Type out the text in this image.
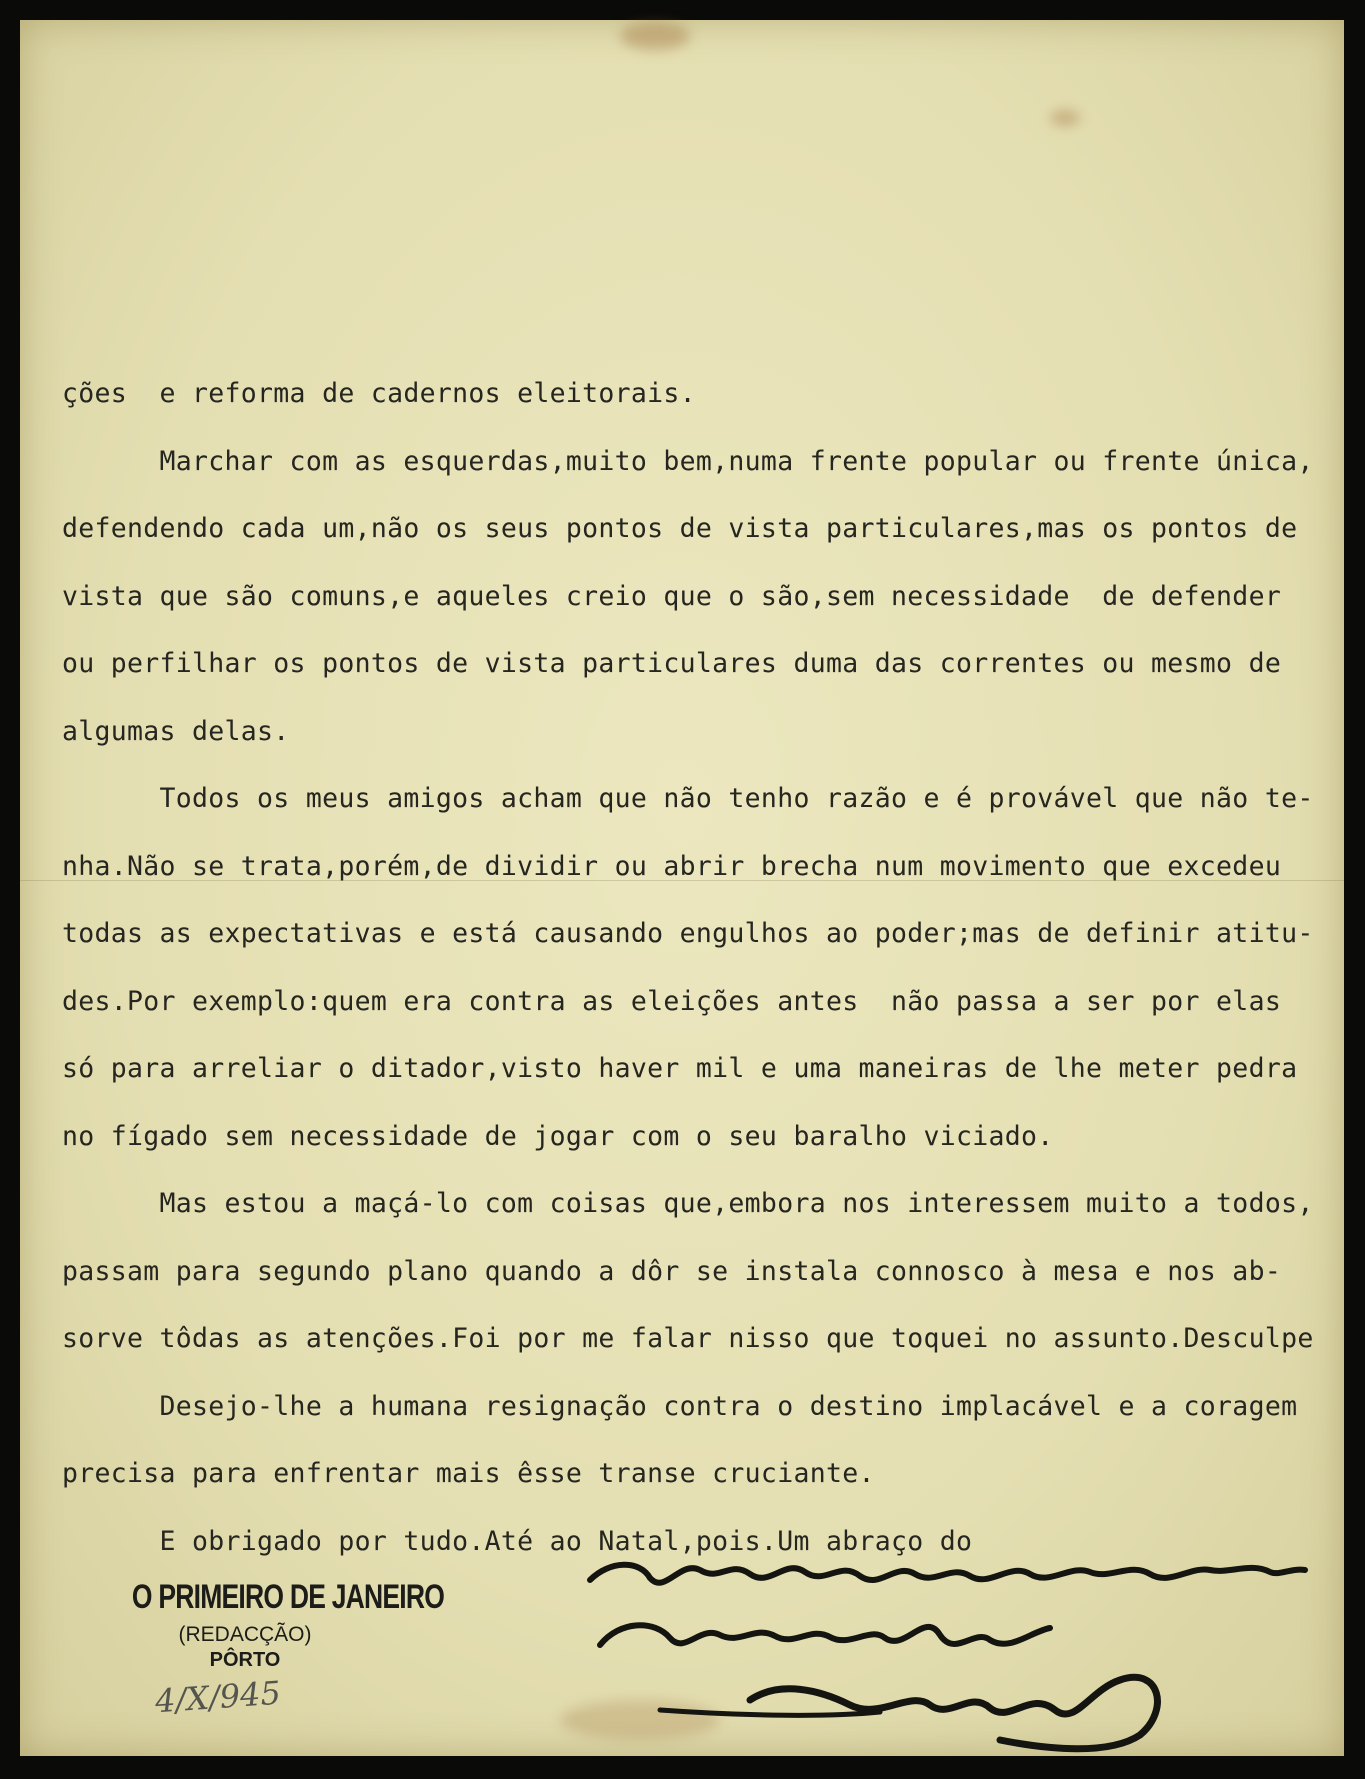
ções  e reforma de cadernos eleitorais.

Marchar com as esquerdas,muito bem,numa frente popular ou frente única,

defendendo cada um,não os seus pontos de vista particulares,mas os pontos de

vista que são comuns,e aqueles creio que o são,sem necessidade  de defender

ou perfilhar os pontos de vista particulares duma das correntes ou mesmo de

algumas delas.

Todos os meus amigos acham que não tenho razão e é provável que não te-

nha.Não se trata,porém,de dividir ou abrir brecha num movimento que excedeu

todas as expectativas e está causando engulhos ao poder;mas de definir atitu-

des.Por exemplo:quem era contra as eleições antes  não passa a ser por elas

só para arreliar o ditador,visto haver mil e uma maneiras de lhe meter pedra

no fígado sem necessidade de jogar com o seu baralho viciado.

Mas estou a maçá-lo com coisas que,embora nos interessem muito a todos,

passam para segundo plano quando a dôr se instala connosco à mesa e nos ab-

sorve tôdas as atenções.Foi por me falar nisso que toquei no assunto.Desculpe

Desejo-lhe a humana resignação contra o destino implacável e a coragem

precisa para enfrentar mais êsse transe cruciante.

E obrigado por tudo.Até ao Natal,pois.Um abraço do

O PRIMEIRO DE JANEIRO
(REDACÇÃO)
PÔRTO
4/X/945
